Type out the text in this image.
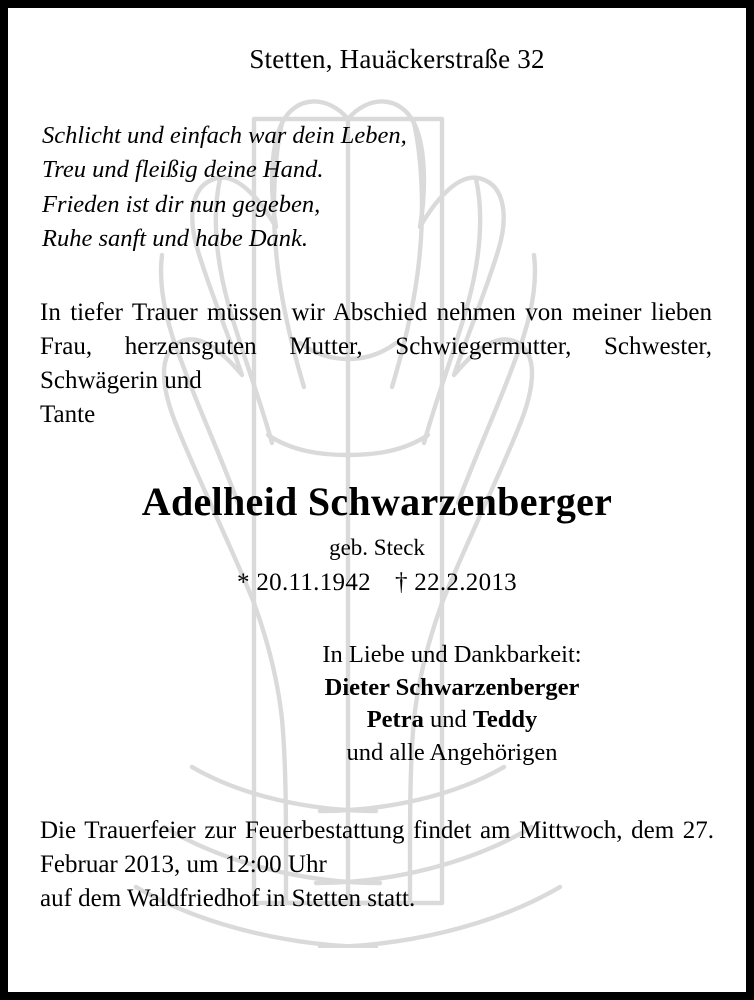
Stetten, Hauäckerstraße 32
Schlicht und einfach war dein Leben,
Treu und fleißig deine Hand.
Frieden ist dir nun gegeben,
Ruhe sanft und habe Dank.
In tiefer Trauer müssen wir Abschied nehmen von meiner lieben Frau, herzensguten Mutter, Schwiegermutter, Schwester, Schwägerin und
Tante
Adelheid Schwarzenberger
geb. Steck
* 20.11.1942 † 22.2.2013
In Liebe und Dankbarkeit:
Dieter Schwarzenberger
Petra und Teddy
und alle Angehörigen
Die Trauerfeier zur Feuerbestattung findet am Mittwoch, dem 27. Februar 2013, um 12:00 Uhr
auf dem Waldfriedhof in Stetten statt.
